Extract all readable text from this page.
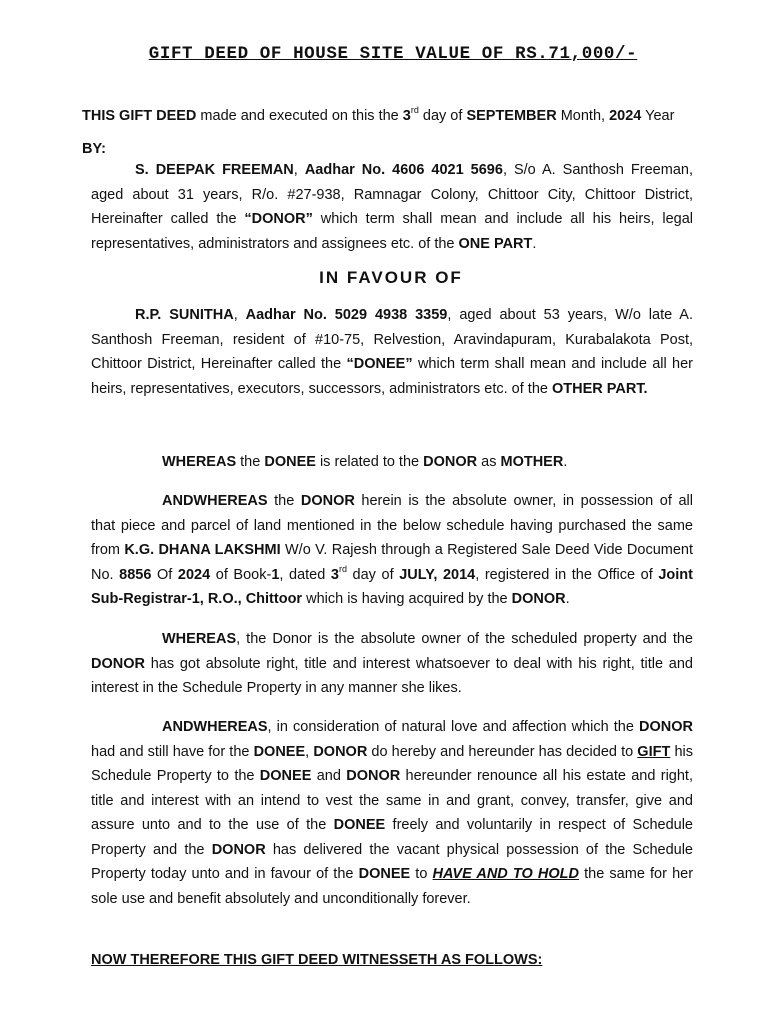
GIFT DEED OF HOUSE SITE VALUE OF RS.71,000/-
THIS GIFT DEED made and executed on this the 3rd day of SEPTEMBER Month, 2024 Year
BY:
S. DEEPAK FREEMAN, Aadhar No. 4606 4021 5696, S/o A. Santhosh Freeman, aged about 31 years, R/o. #27-938, Ramnagar Colony, Chittoor City, Chittoor District, Hereinafter called the “DONOR” which term shall mean and include all his heirs, legal representatives, administrators and assignees etc. of the ONE PART.
IN FAVOUR OF
R.P. SUNITHA, Aadhar No. 5029 4938 3359, aged about 53 years, W/o late A. Santhosh Freeman, resident of #10-75, Relvestion, Aravindapuram, Kurabalakota Post, Chittoor District, Hereinafter called the “DONEE” which term shall mean and include all her heirs, representatives, executors, successors, administrators etc. of the OTHER PART.
WHEREAS the DONEE is related to the DONOR as MOTHER.
ANDWHEREAS the DONOR herein is the absolute owner, in possession of all that piece and parcel of land mentioned in the below schedule having purchased the same from K.G. DHANA LAKSHMI W/o V. Rajesh through a Registered Sale Deed Vide Document No. 8856 Of 2024 of Book-1, dated 3rd day of JULY, 2014, registered in the Office of Joint Sub-Registrar-1, R.O., Chittoor which is having acquired by the DONOR.
WHEREAS, the Donor is the absolute owner of the scheduled property and the DONOR has got absolute right, title and interest whatsoever to deal with his right, title and interest in the Schedule Property in any manner she likes.
ANDWHEREAS, in consideration of natural love and affection which the DONOR had and still have for the DONEE, DONOR do hereby and hereunder has decided to GIFT his Schedule Property to the DONEE and DONOR hereunder renounce all his estate and right, title and interest with an intend to vest the same in and grant, convey, transfer, give and assure unto and to the use of the DONEE freely and voluntarily in respect of Schedule Property and the DONOR has delivered the vacant physical possession of the Schedule Property today unto and in favour of the DONEE to HAVE AND TO HOLD the same for her sole use and benefit absolutely and unconditionally forever.
NOW THEREFORE THIS GIFT DEED WITNESSETH AS FOLLOWS:
